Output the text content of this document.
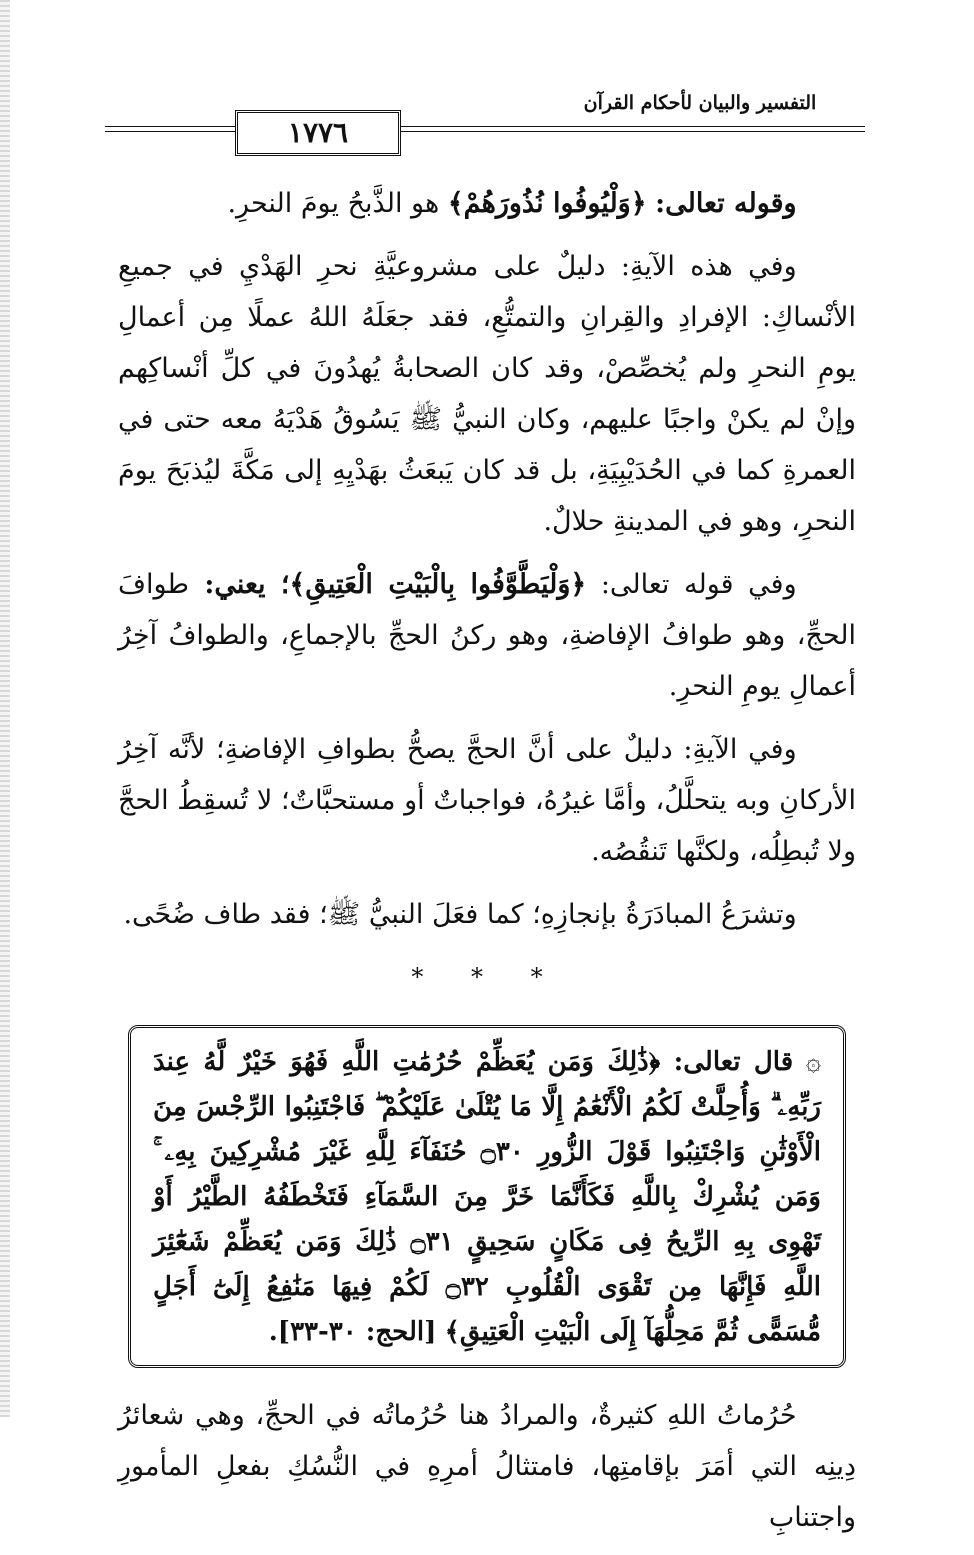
التفسير والبيان لأحكام القرآن
١٧٧٦

وقوله تعالى: ﴿وَلْيُوفُوا نُذُورَهُمْ﴾ هو الذَّبحُ يومَ النحرِ.

وفي هذه الآيةِ: دليلٌ على مشروعيَّةِ نحرِ الهَدْيِ في جميعِ الأنْساكِ: الإفرادِ والقِرانِ والتمتُّعِ، فقد جعَلَهُ اللهُ عملًا مِن أعمالِ يومِ النحرِ ولم يُخصِّصْ، وقد كان الصحابةُ يُهدُونَ في كلِّ أنْساكِهم وإنْ لم يكنْ واجبًا عليهم، وكان النبيُّ ﷺ يَسُوقُ هَدْيَهُ معه حتى في العمرةِ كما في الحُدَيْبِيَةِ، بل قد كان يَبعَثُ بهَدْيِهِ إلى مَكَّةَ ليُذبَحَ يومَ النحرِ، وهو في المدينةِ حلالٌ.

وفي قوله تعالى: ﴿وَلْيَطَّوَّفُوا بِالْبَيْتِ الْعَتِيقِ﴾؛ يعني: طوافَ الحجِّ، وهو طوافُ الإفاضةِ، وهو ركنُ الحجِّ بالإجماعِ، والطوافُ آخِرُ أعمالِ يومِ النحرِ.

وفي الآيةِ: دليلٌ على أنَّ الحجَّ يصحُّ بطوافِ الإفاضةِ؛ لأنَّه آخِرُ الأركانِ وبه يتحلَّلُ، وأمَّا غيرُهُ، فواجباتٌ أو مستحبَّاتٌ؛ لا تُسقِطُ الحجَّ ولا تُبطِلُه، ولكنَّها تَنقُصُه.

وتشرَعُ المبادَرَةُ بإنجازِهِ؛ كما فعَلَ النبيُّ ﷺ؛ فقد طاف ضُحًى.

* * *

۞ قال تعالى: ﴿ذَٰلِكَ وَمَن يُعَظِّمْ حُرُمَٰتِ اللَّهِ فَهُوَ خَيْرٌ لَّهُ عِندَ رَبِّهِۦ ۗ وَأُحِلَّتْ لَكُمُ الْأَنْعَٰمُ إِلَّا مَا يُتْلَىٰ عَلَيْكُمْ ۖ فَاجْتَنِبُوا الرِّجْسَ مِنَ الْأَوْثَٰنِ وَاجْتَنِبُوا قَوْلَ الزُّورِ ۝٣٠ حُنَفَآءَ لِلَّهِ غَيْرَ مُشْرِكِينَ بِهِۦ ۚ وَمَن يُشْرِكْ بِاللَّهِ فَكَأَنَّمَا خَرَّ مِنَ السَّمَآءِ فَتَخْطَفُهُ الطَّيْرُ أَوْ تَهْوِى بِهِ الرِّيحُ فِى مَكَانٍ سَحِيقٍ ۝٣١ ذَٰلِكَ وَمَن يُعَظِّمْ شَعَٰٓئِرَ اللَّهِ فَإِنَّهَا مِن تَقْوَى الْقُلُوبِ ۝٣٢ لَكُمْ فِيهَا مَنَٰفِعُ إِلَىٰٓ أَجَلٍ مُّسَمًّى ثُمَّ مَحِلُّهَآ إِلَى الْبَيْتِ الْعَتِيقِ﴾ [الحج: ٣٠-٣٣].

حُرُماتُ اللهِ كثيرةٌ، والمرادُ هنا حُرُماتُه في الحجِّ، وهي شعائرُ دِينِه التي أمَرَ بإقامتِها، فامتثالُ أمرِهِ في النُّسُكِ بفعلِ المأمورِ واجتنابِ
